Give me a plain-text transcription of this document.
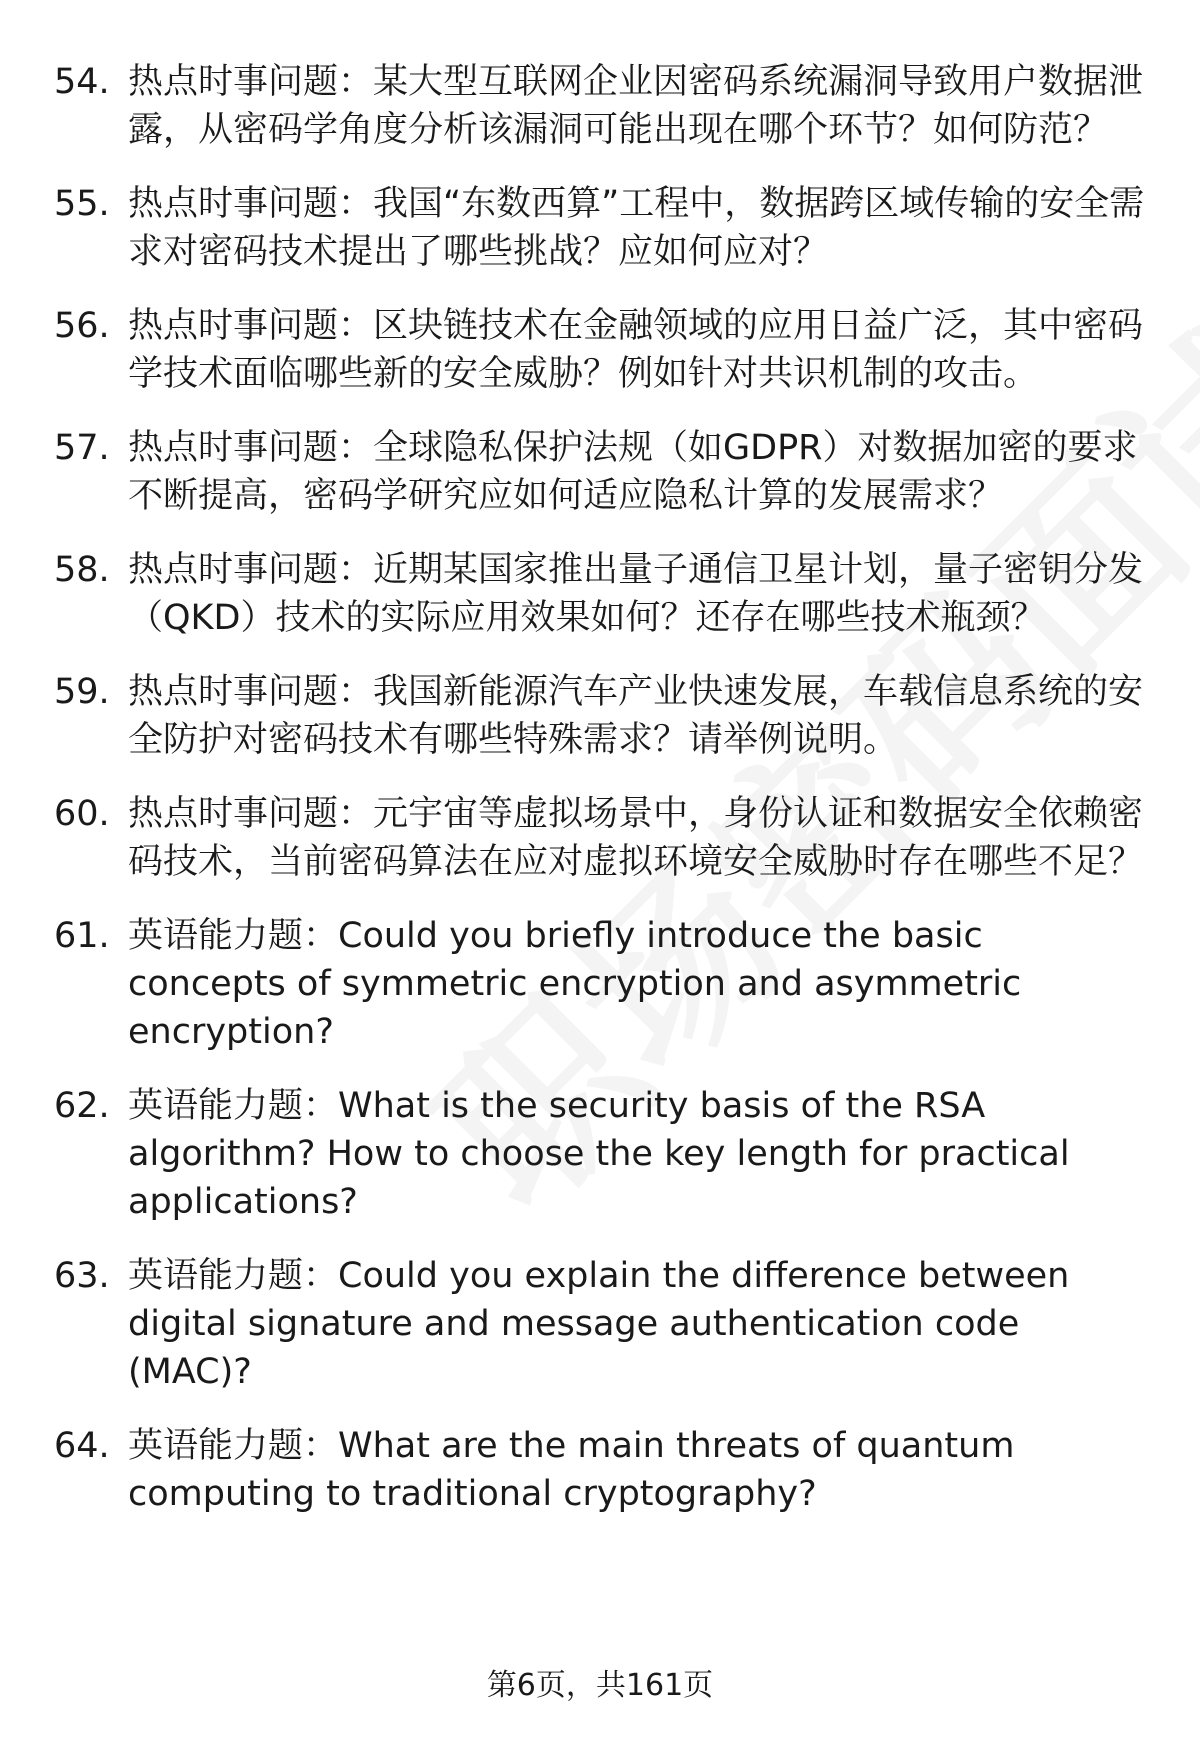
54. 热点时事问题：某大型互联网企业因密码系统漏洞导致用户数据泄露，从密码学角度分析该漏洞可能出现在哪个环节？如何防范？
55. 热点时事问题：我国“东数西算”工程中，数据跨区域传输的安全需求对密码技术提出了哪些挑战？应如何应对？
56. 热点时事问题：区块链技术在金融领域的应用日益广泛，其中密码学技术面临哪些新的安全威胁？例如针对共识机制的攻击。
57. 热点时事问题：全球隐私保护法规（如GDPR）对数据加密的要求不断提高，密码学研究应如何适应隐私计算的发展需求？
58. 热点时事问题：近期某国家推出量子通信卫星计划，量子密钥分发（QKD）技术的实际应用效果如何？还存在哪些技术瓶颈？
59. 热点时事问题：我国新能源汽车产业快速发展，车载信息系统的安全防护对密码技术有哪些特殊需求？请举例说明。
60. 热点时事问题：元宇宙等虚拟场景中，身份认证和数据安全依赖密码技术，当前密码算法在应对虚拟环境安全威胁时存在哪些不足？
61. 英语能力题：Could you briefly introduce the basic concepts of symmetric encryption and asymmetric encryption?
62. 英语能力题：What is the security basis of the RSA algorithm? How to choose the key length for practical applications?
63. 英语能力题：Could you explain the difference between digital signature and message authentication code (MAC)?
64. 英语能力题：What are the main threats of quantum computing to traditional cryptography?
第6页，共161页
